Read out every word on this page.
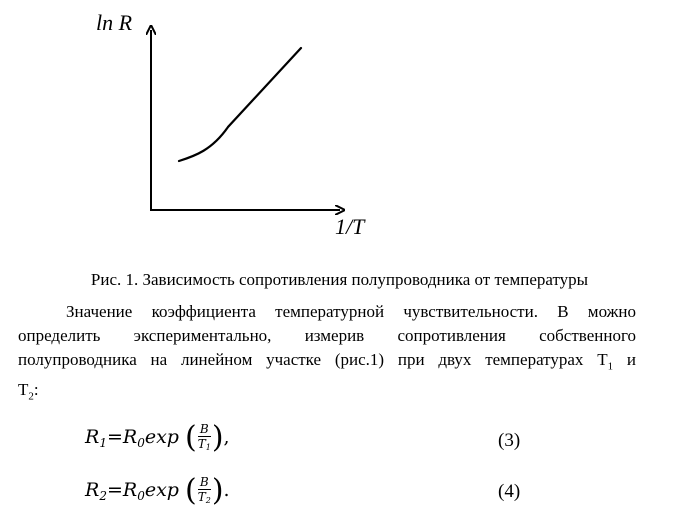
ln R
1/T
Рис. 1. Зависимость сопротивления полупроводника от температуры
Значение коэффициента температурной чувствительности. В можно
определить экспериментально, измерив сопротивления собственного
полупроводника на линейном участке (рис.1) при двух температурах $T_1$ и
$T_2$:
$R_1=R_0\exp$ ( $\frac{B}{T_1}$ ),	(3)
$R_2=R_0\exp$ ( $\frac{B}{T_2}$ ).	(4)
